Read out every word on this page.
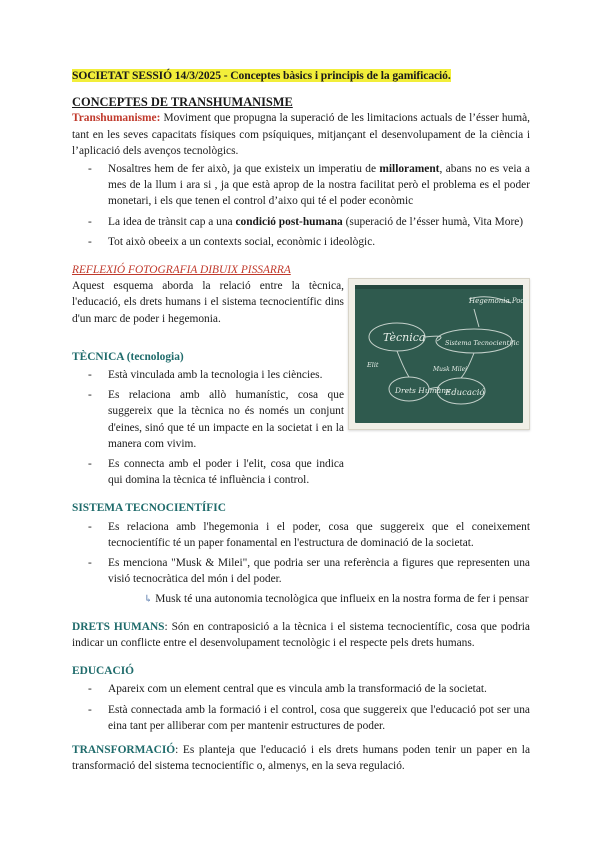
SOCIETAT SESSIÓ 14/3/2025 - Conceptes bàsics i principis de la gamificació.
CONCEPTES DE TRANSHUMANISME
Transhumanisme: Moviment que propugna la superació de les limitacions actuals de l’ésser humà, tant en les seves capacitats físiques com psíquiques, mitjançant el desenvolupament de la ciència i l’aplicació dels avenços tecnològics.
- Nosaltres hem de fer això, ja que existeix un imperatiu de millorament, abans no es veia a mes de la llum i ara si , ja que està aprop de la nostra facilitat però el problema es el poder monetari, i els que tenen el control d’aixo qui té el poder econòmic
- La idea de trànsit cap a una condició post-humana (superació de l’ésser humà, Vita More)
- Tot això obeeix a un contexts social, econòmic i ideològic.
REFLEXIÓ FOTOGRAFIA DIBUIX PISSARRA
Tècnica	Sistema Tecnocientífic
Drets Humans
Educació
Hegemonia Poder
Elit
Musk Milei
Aquest esquema aborda la relació entre la tècnica, l'educació, els drets humans i el sistema tecnocientífic dins d'un marc de poder i hegemonia.
TÈCNICA (tecnologia)
- Està vinculada amb la tecnologia i les ciències.
- Es relaciona amb allò humanístic, cosa que suggereix que la tècnica no és només un conjunt d'eines, sinó que té un impacte en la societat i en la manera com vivim.
- Es connecta amb el poder i l'elit, cosa que indica qui domina la tècnica té influència i control.
SISTEMA TECNOCIENTÍFIC
- Es relaciona amb l'hegemonia i el poder, cosa que suggereix que el coneixement tecnocientífic té un paper fonamental en l'estructura de dominació de la societat.
- Es menciona "Musk & Milei", que podria ser una referència a figures que representen una visió tecnocràtica del món i del poder.
↳ Musk té una autonomia tecnològica que influeix en la nostra forma de fer i pensar
DRETS HUMANS: Són en contraposició a la tècnica i el sistema tecnocientífic, cosa que podria indicar un conflicte entre el desenvolupament tecnològic i el respecte pels drets humans.
EDUCACIÓ
- Apareix com un element central que es vincula amb la transformació de la societat.
- Està connectada amb la formació i el control, cosa que suggereix que l'educació pot ser una eina tant per alliberar com per mantenir estructures de poder.
TRANSFORMACIÓ: Es planteja que l'educació i els drets humans poden tenir un paper en la transformació del sistema tecnocientífic o, almenys, en la seva regulació.
